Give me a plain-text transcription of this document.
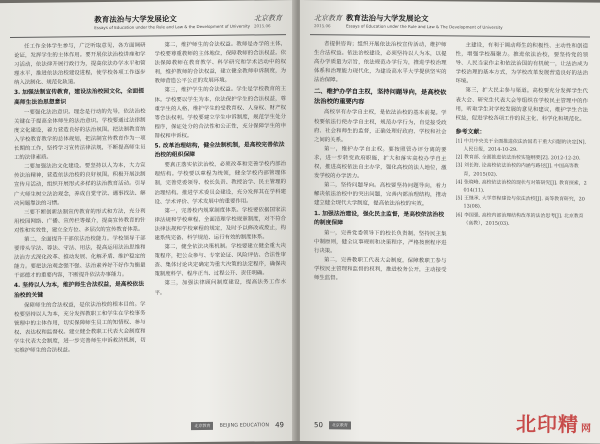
教育法治与大学发展论文
Essays of Education under the Rule and Law & the Development of University
北京教育
2015.06

任工作全体学生参与，广泛听取意见，各方面调研论证，发挥学生的主体作用。要开展依法治校讲座和学习活动，依法律开展行政行为，提高依法办学水平和管理水平，推进依法治校建设进程，使学校各项工作逐步纳入法制化、规范化轨道。

3. 加强法制宣传教育，建设法治校园文化，全面提高师生法治思想意识

一要强化法治意识。理念是行动的先导，依法治校关键在于提高全体师生的法治意识。学校要通过法律制度文化建设，着力营造良好的法治氛围。把法制教育纳入学校教育教学的总体规划，把法制宣传教育作为一项长期的工作，坚持学习宣传法律法规，不断提高师生员工的法律素质。

二要加强法治文化建设。要坚持以人为本，大力宣传法治精神，营造依法治校的良好氛围。积极开展法制宣传月活动，组织开展形式多样的法治教育活动。引导广大师生树立法治观念，养成自觉守法、遇事找法、解决问题靠法的习惯。

三要不断创新法制宣传教育的形式和方法，充分利用校园网络、广播、宣传栏等媒介，提高宣传教育的针对性和实效性，建立全方位、多层次的宣传教育体系。

第二，全面提升干部依法治校能力。学校领导干部要带头学法、尊法、守法、用法，提高运用法治思维和法治方式深化改革、推动发展、化解矛盾、维护稳定的能力。要把法治观念强不强、法治素养好不好作为衡量干部德才的重要内容，不断提升依法办事能力。

4. 坚持以人为本，维护师生合法权益，是高校依法治校的关键

保障师生的合法权益，是依法治校的根本目的。学校要坚持以人为本，充分发挥教职工和学生在学校事务管理中的主体作用，切实保障师生员工的知情权、参与权、表达权和监督权。建立健全教职工代表大会制度和学生代表大会制度，进一步完善师生申诉救济机制，切实维护师生的合法权益。

第二，维护师生的合法权益。教师是办学的主体，学校要尊重教师的主体地位，保障教师的合法权益。依法保障教师在教育教学、科学研究和学术活动中的权利，维护教师的合法权益，建立健全教师申诉制度，为教师营造公平公正的发展环境。

第三，维护学生的合法权益。学生是学校教育的主体。学校要以学生为本，依法保护学生的合法权益，尊重学生的人格，维护学生的受教育权、人身权、财产权等合法权利。学校要建立学生申诉制度，规范学生处分程序，保证处分的合法性和公正性，充分保障学生的申辩权和申诉权。

5. 改革治理结构，健全法制机制，是高校完善依法治校的组织保障

要真正落实依法治校，必须改革和完善学校内部治理结构。学校要以章程为统领，健全学校内部管理体制，完善党委领导、校长负责、教授治学、民主管理的治理结构。推进学术委员会建设，充分发挥其在学科建设、学术评价、学术发展中的重要作用。

第一，完善校内规章制度体系。学校要依据国家法律法规和学校章程，全面清理学校规章制度，对不符合法律法规和学校章程的规定，及时予以修改或废止，构建系统完备、科学规范、运行有效的制度体系。

第二，健全依法决策机制。学校要建立健全重大决策程序，把公众参与、专家论证、风险评估、合法性审查、集体讨论决定确定为重大决策的法定程序，确保决策制度科学、程序正当、过程公开、责任明确。

第三，加强法律顾问制度建设，提高法务工作水平。

北京教育	BEIJING EDUCATION 49
北京教育
2015.06
教育法治与大学发展论文
Essays of Education under the Rule and Law & The Development of University

者提供咨询；组织开展依法治校宣传活动，维护师生合法权益。依法治校建设，必须坚持以人为本，以提高办学质量为宗旨，依法规范办学行为，推进学校治理体系和治理能力现代化，为建设高水平大学提供坚实的法治保障。

二、维护办学自主权，坚持问题导向，是高校依法治校的重要内容

高校享有办学自主权，是依法治校的基本前提。学校要依法行使办学自主权，规范办学行为，自觉接受政府、社会和师生的监督，正确处理好政府、学校和社会之间的关系。

第一，维护办学自主权。要按照管办评分离的要求，进一步转变政府职能，扩大和落实高校办学自主权，推进高校依法自主办学，强化高校的法人地位，激发学校的办学活力。

第二，坚持问题导向。高校要坚持问题导向，着力解决依法治校中的突出问题，完善内部治理结构，推动建立健全现代大学制度，提高依法治校的实效。

1. 加强法治建设，强化民主监督，是高校依法治校的制度保障

第一，完善党委领导下的校长负责制，坚持民主集中制原则，健全议事规则和决策程序，严格按照程序进行决策。

第二，完善教职工代表大会制度，保障教职工参与学校民主管理和监督的权利，推进校务公开，主动接受师生监督。

主建设，有利于调动师生的积极性、主动性和创造性，增强学校凝聚力。推进依法治校，要坚持党的领导、人民当家作主和依法治国的有机统一，让法治成为学校治理的基本方式，为学校改革发展营造良好的法治环境。

第三，扩大民主参与渠道。高校要充分发挥学生代表大会、研究生代表大会等组织在学校民主管理中的作用，听取学生对学校发展的意见和建议，维护学生合法权益，促进学校各项工作的民主化、科学化和规范化。

参考文献：

[1] 中共中央关于全面推进依法治国若干重大问题的决定[N]. 人民日报，2014-10-29.

[2] 教育部. 全面推进依法治校实施纲要[Z]. 2012-12-20.

[3] 刘长海. 论高校依法治校的内涵与路径[J]. 中国高等教育，2015(02).

[4] 张晓峰. 高校依法治校的现状与对策研究[J]. 教育探索，2014(11).

[5] 王继承. 大学章程建设与依法治校[J]. 高等教育研究，2013(08).

[6] 李国强. 高校内部治理结构改革的法治思考[J]. 北京教育（高教），2015(03).

50	北京教育	北印精 网
